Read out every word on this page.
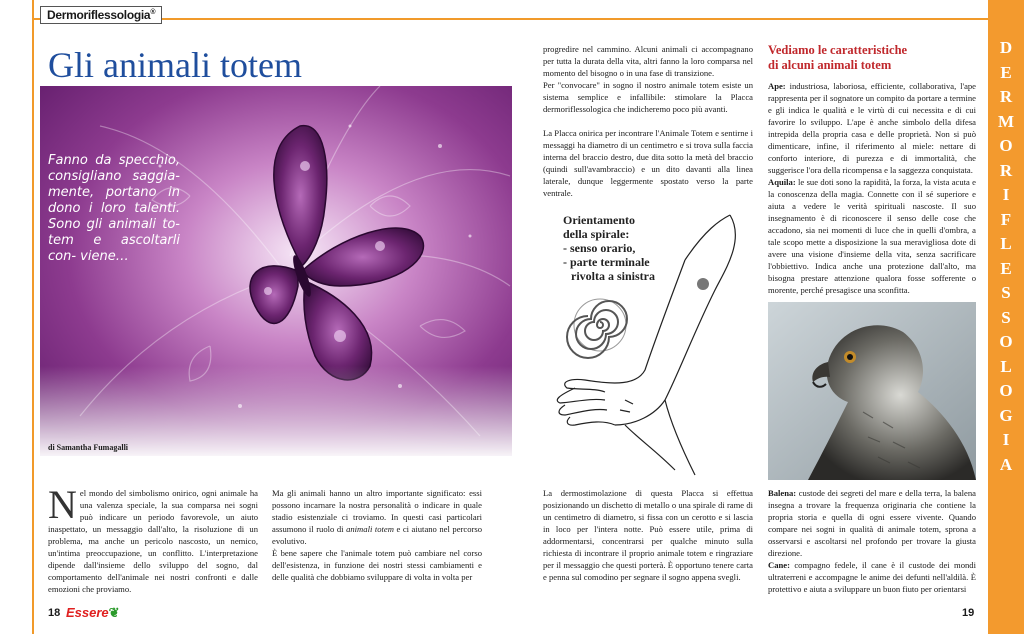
Dermoriflessologia®
D
E
R
M
O
R
I
F
L
E
S
S
O
L
O
G
I
A
Gli animali totem
Fanno da specchio, consigliano saggia- mente, portano in dono i loro talenti. Sono gli animali to- tem e ascoltarli con- viene…
di Samantha Fumagalli
N el mondo del simbolismo onirico, ogni animale ha una valenza speciale, la sua comparsa nei sogni può indicare un periodo favorevole, un aiuto inaspettato, un messaggio dall'alto, la risoluzione di un problema, ma anche un pericolo nascosto, un nemico, un'intima preoccupazione, un conflitto. L'interpretazione dipende dall'insieme dello sviluppo del sogno, dal comportamento dell'animale nei nostri confronti e dalle emozioni che proviamo.

Ma gli animali hanno un altro importante significato: essi possono incarnare la nostra personalità o indicare in quale stadio esistenziale ci troviamo. In questi casi particolari assumono il ruolo di animali totem e ci aiutano nel percorso evolutivo.

È bene sapere che l'animale totem può cambiare nel corso dell'esistenza, in funzione dei nostri stessi cambiamenti e delle qualità che dobbiamo sviluppare di volta in volta per

progredire nel cammino. Alcuni animali ci accompagnano per tutta la durata della vita, altri fanno la loro comparsa nel momento del bisogno o in una fase di transizione.

Per "convocare" in sogno il nostro animale totem esiste un sistema semplice e infallibile: stimolare la Placca dermoriflessologica che indicheremo poco più avanti.

La Placca onirica per incontrare l'Animale Totem e sentirne i messaggi ha diametro di un centimetro e si trova sulla faccia interna del braccio destro, due dita sotto la metà del braccio (quindi sull'avambraccio) e un dito davanti alla linea laterale, dunque leggermente spostato verso la parte ventrale.

Orientamento
della spirale:
- senso orario,
- parte terminale
rivolta a sinistra
La dermostimolazione di questa Placca si effettua posizionando un dischetto di metallo o una spirale di rame di un centimetro di diametro, si fissa con un cerotto e si lascia in loco per l'intera notte. Può essere utile, prima di addormentarsi, concentrarsi per qualche minuto sulla richiesta di incontrare il proprio animale totem e ringraziare per il messaggio che questi porterà. È opportuno tenere carta e penna sul comodino per segnare il sogno appena svegli.
Vediamo le caratteristiche
di alcuni animali totem

Ape: industriosa, laboriosa, efficiente, collaborativa, l'ape rappresenta per il sognatore un compito da portare a termine e gli indica le qualità e le virtù di cui necessita e di cui favorire lo sviluppo. L'ape è anche simbolo della difesa intrepida della propria casa e delle proprietà. Non si può dimenticare, infine, il riferimento al miele: nettare di conforto interiore, di purezza e di immortalità, che suggerisce l'ora della ricompensa e la saggezza conquistata.

Aquila: le sue doti sono la rapidità, la forza, la vista acuta e la conoscenza della magia. Connette con il sé superiore e aiuta a vedere le verità spirituali nascoste. Il suo insegnamento è di riconoscere il senso delle cose che accadono, sia nei momenti di luce che in quelli d'ombra, a tale scopo mette a disposizione la sua meravigliosa dote di avere una visione d'insieme della vita, senza sacrificare l'obbiettivo. Indica anche una protezione dall'alto, ma bisogna prestare attenzione qualora fosse sofferente o morente, perché presagisce una sconfitta.

Balena: custode dei segreti del mare e della terra, la balena insegna a trovare la frequenza originaria che contiene la propria storia e quella di ogni essere vivente. Quando compare nei sogni in qualità di animale totem, sprona a osservarsi e ascoltarsi nel profondo per trovare la giusta direzione.

Cane: compagno fedele, il cane è il custode dei mondi ultraterreni e accompagne le anime dei defunti nell'aldilà. È protettivo e aiuta a sviluppare un buon fiuto per orientarsi

18 Essere❦	19
